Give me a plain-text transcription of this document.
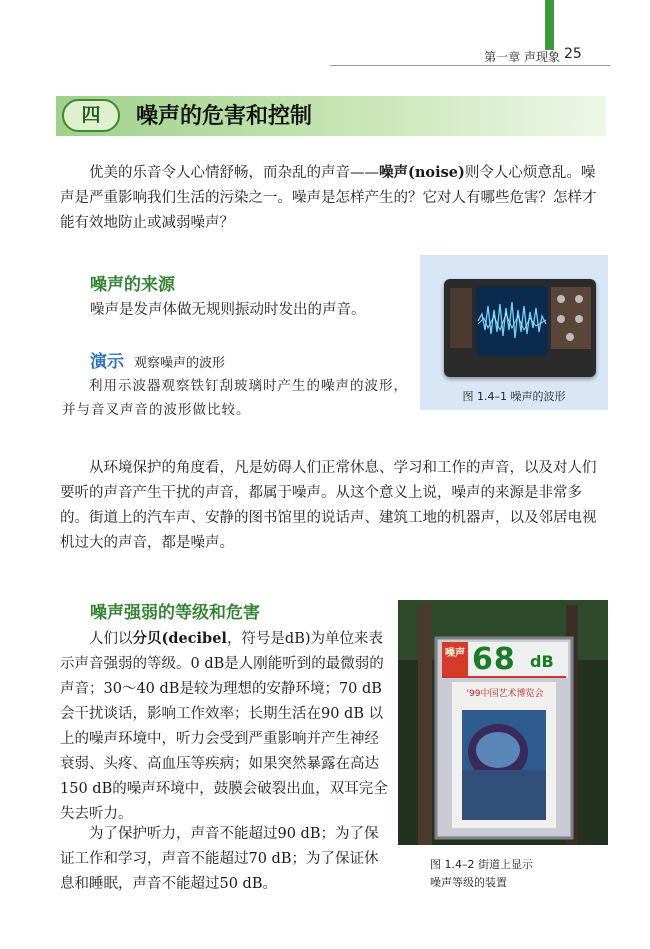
第一章 声现象 25
四	噪声的危害和控制

优美的乐音令人心情舒畅，而杂乱的声音——噪声(noise)则令人心烦意乱。噪声是严重影响我们生活的污染之一。噪声是怎样产生的？它对人有哪些危害？怎样才能有效地防止或减弱噪声？

噪声的来源
噪声是发声体做无规则振动时发出的声音。
演示 观察噪声的波形

利用示波器观察铁钉刮玻璃时产生的噪声的波形，并与音叉声音的波形做比较。

图 1.4–1 噪声的波形

从环境保护的角度看，凡是妨碍人们正常休息、学习和工作的声音，以及对人们要听的声音产生干扰的声音，都属于噪声。从这个意义上说，噪声的来源是非常多的。街道上的汽车声、安静的图书馆里的说话声、建筑工地的机器声，以及邻居电视机过大的声音，都是噪声。

噪声强弱的等级和危害

人们以分贝(decibel，符号是dB)为单位来表示声音强弱的等级。0 dB是人刚能听到的最微弱的声音；30～40 dB是较为理想的安静环境；70 dB会干扰谈话，影响工作效率；长期生活在90 dB 以上的噪声环境中，听力会受到严重影响并产生神经衰弱、头疼、高血压等疾病；如果突然暴露在高达150 dB的噪声环境中，鼓膜会破裂出血，双耳完全失去听力。

为了保护听力，声音不能超过90 dB；为了保证工作和学习，声音不能超过70 dB；为了保证休息和睡眠，声音不能超过50 dB。

噪声 68 dB
'99中国艺术博览会
图 1.4–2 街道上显示
噪声等级的装置
